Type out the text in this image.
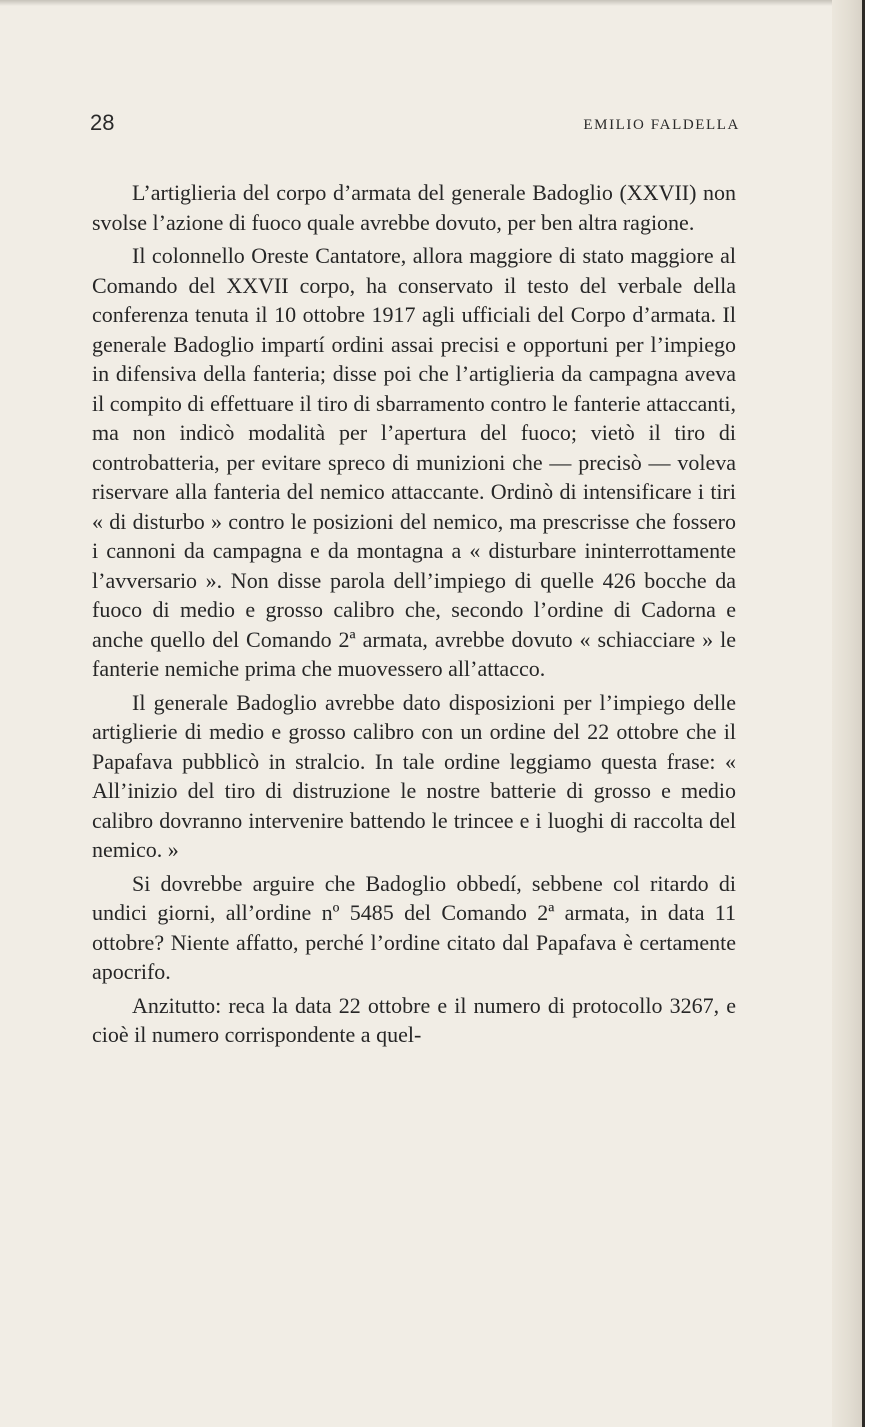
28	EMILIO FALDELLA

L’artiglieria del corpo d’armata del generale Badoglio (XXVII) non svolse l’azione di fuoco quale avrebbe dovuto, per ben altra ragione.

Il colonnello Oreste Cantatore, allora maggiore di stato maggiore al Comando del XXVII corpo, ha conservato il testo del verbale della conferenza tenuta il 10 ottobre 1917 agli ufficiali del Corpo d’armata. Il generale Badoglio impartí ordini assai precisi e opportuni per l’impiego in difensiva della fanteria; disse poi che l’artiglieria da campagna aveva il compito di effettuare il tiro di sbarramento contro le fanterie attaccanti, ma non indicò modalità per l’apertura del fuoco; vietò il tiro di controbatteria, per evitare spreco di munizioni che — precisò — voleva riservare alla fanteria del nemico attaccante. Ordinò di intensificare i tiri « di disturbo » contro le posizioni del nemico, ma prescrisse che fossero i cannoni da campagna e da montagna a « disturbare ininterrottamente l’avversario ». Non disse parola dell’impiego di quelle 426 bocche da fuoco di medio e grosso calibro che, secondo l’ordine di Cadorna e anche quello del Comando 2ª armata, avrebbe dovuto « schiacciare » le fanterie nemiche prima che muovessero all’attacco.

Il generale Badoglio avrebbe dato disposizioni per l’impiego delle artiglierie di medio e grosso calibro con un ordine del 22 ottobre che il Papafava pubblicò in stralcio. In tale ordine leggiamo questa frase: « All’inizio del tiro di distruzione le nostre batterie di grosso e medio calibro dovranno intervenire battendo le trincee e i luoghi di raccolta del nemico. »

Si dovrebbe arguire che Badoglio obbedí, sebbene col ritardo di undici giorni, all’ordine nº 5485 del Comando 2ª armata, in data 11 ottobre? Niente affatto, perché l’ordine citato dal Papafava è certamente apocrifo.

Anzitutto: reca la data 22 ottobre e il numero di protocollo 3267, e cioè il numero corrispondente a quel-
